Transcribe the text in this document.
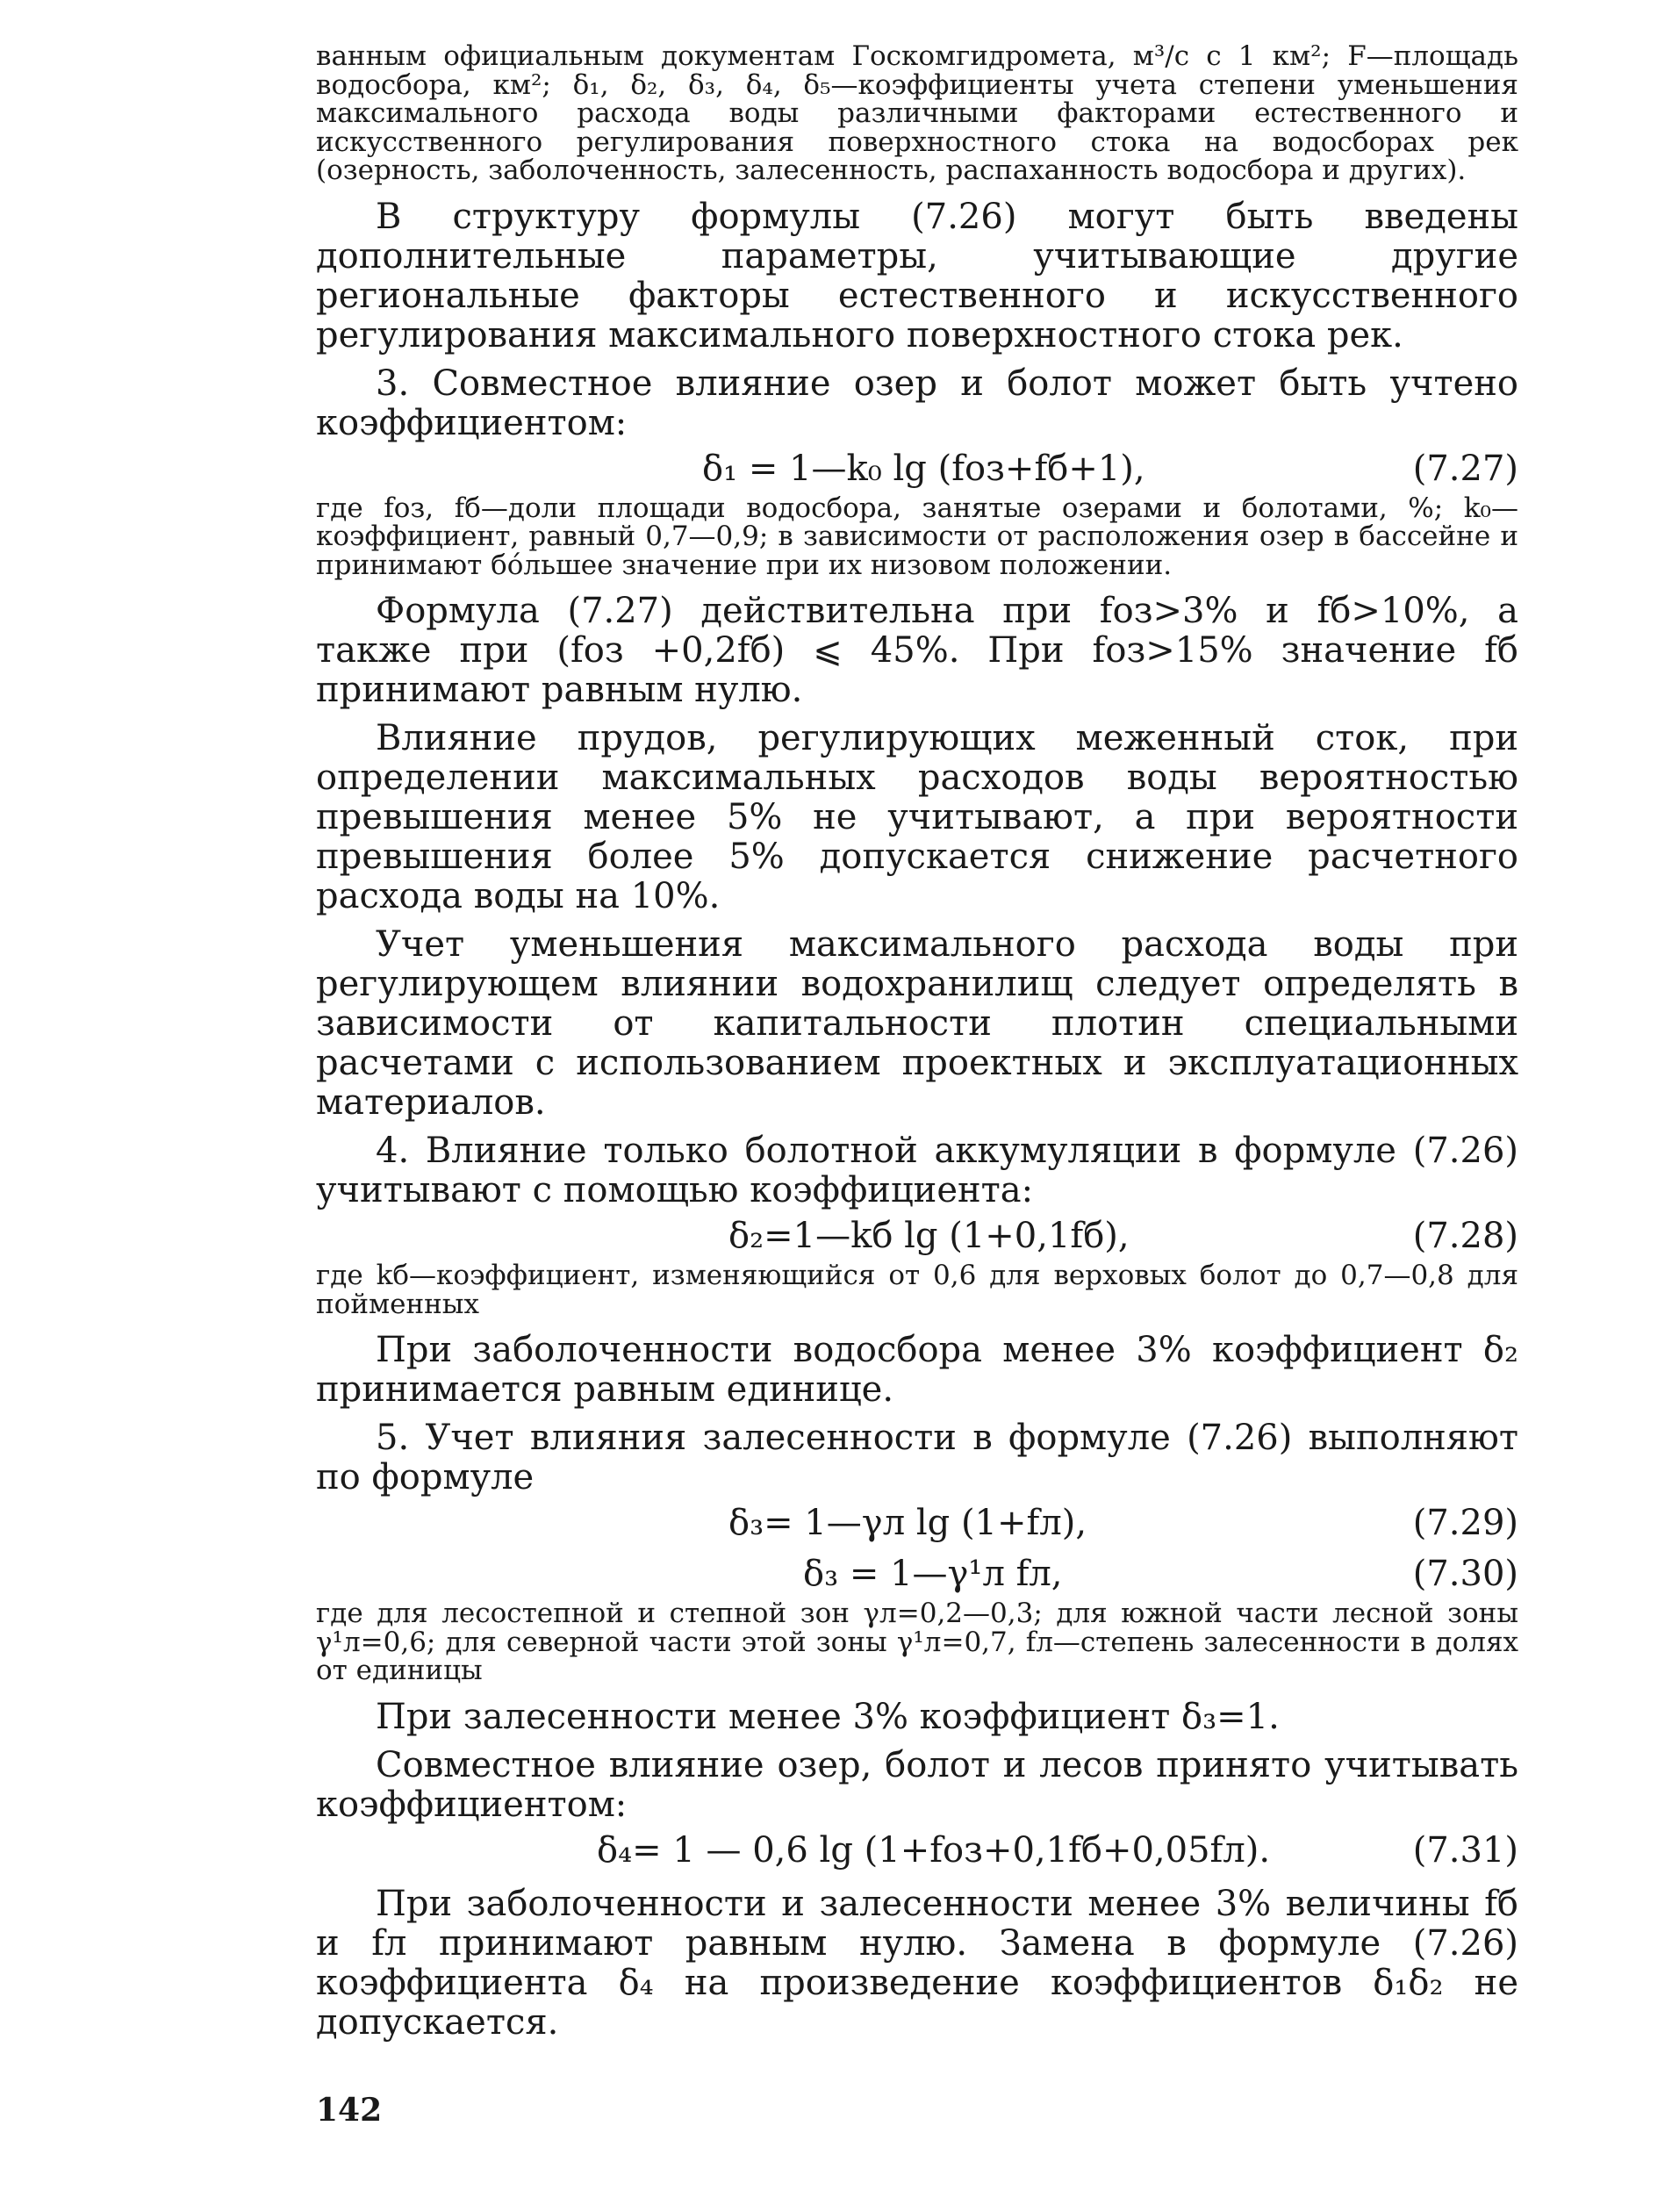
ванным официальным документам Госкомгидромета, м³/с с 1 км²; F—площадь водосбора, км²; δ₁, δ₂, δ₃, δ₄, δ₅—коэффициенты учета степени уменьшения максимального расхода воды различными факторами естественного и искусственного регулирования поверхностного стока на водосборах рек (озерность, заболоченность, залесенность, распаханность водосбора и других).

В структуру формулы (7.26) могут быть введены дополнительные параметры, учитывающие другие региональные факторы естественного и искусственного регулирования максимального поверхностного стока рек.

3. Совместное влияние озер и болот может быть учтено коэффициентом:

δ₁ = 1—k₀ lg (fоз+fб+1),	(7.27)

где fоз, fб—доли площади водосбора, занятые озерами и болотами, %; k₀—коэффициент, равный 0,7—0,9; в зависимости от расположения озер в бассейне и принимают бóльшее значение при их низовом положении.

Формула (7.27) действительна при fоз>3% и fб>10%, а также при (fоз +0,2fб) ⩽ 45%. При fоз>15% значение fб принимают равным нулю.

Влияние прудов, регулирующих меженный сток, при определении максимальных расходов воды вероятностью превышения менее 5% не учитывают, а при вероятности превышения более 5% допускается снижение расчетного расхода воды на 10%.

Учет уменьшения максимального расхода воды при регулирующем влиянии водохранилищ следует определять в зависимости от капитальности плотин специальными расчетами с использованием проектных и эксплуатационных материалов.

4. Влияние только болотной аккумуляции в формуле (7.26) учитывают с помощью коэффициента:

δ₂=1—kб lg (1+0,1fб),	(7.28)

где kб—коэффициент, изменяющийся от 0,6 для верховых болот до 0,7—0,8 для пойменных

При заболоченности водосбора менее 3% коэффициент δ₂ принимается равным единице.

5. Учет влияния залесенности в формуле (7.26) выполняют по формуле

δ₃= 1—γл lg (1+fл),	(7.29)
δ₃ = 1—γ¹л fл,	(7.30)

где для лесостепной и степной зон γл=0,2—0,3; для южной части лесной зоны γ¹л=0,6; для северной части этой зоны γ¹л=0,7, fл—степень залесенности в долях от единицы

При залесенности менее 3% коэффициент δ₃=1.

Совместное влияние озер, болот и лесов принято учитывать коэффициентом:

δ₄= 1 — 0,6 lg (1+fоз+0,1fб+0,05fл).	(7.31)

При заболоченности и залесенности менее 3% величины fб и fл принимают равным нулю. Замена в формуле (7.26) коэффициента δ₄ на произведение коэффициентов δ₁δ₂ не допускается.

142
